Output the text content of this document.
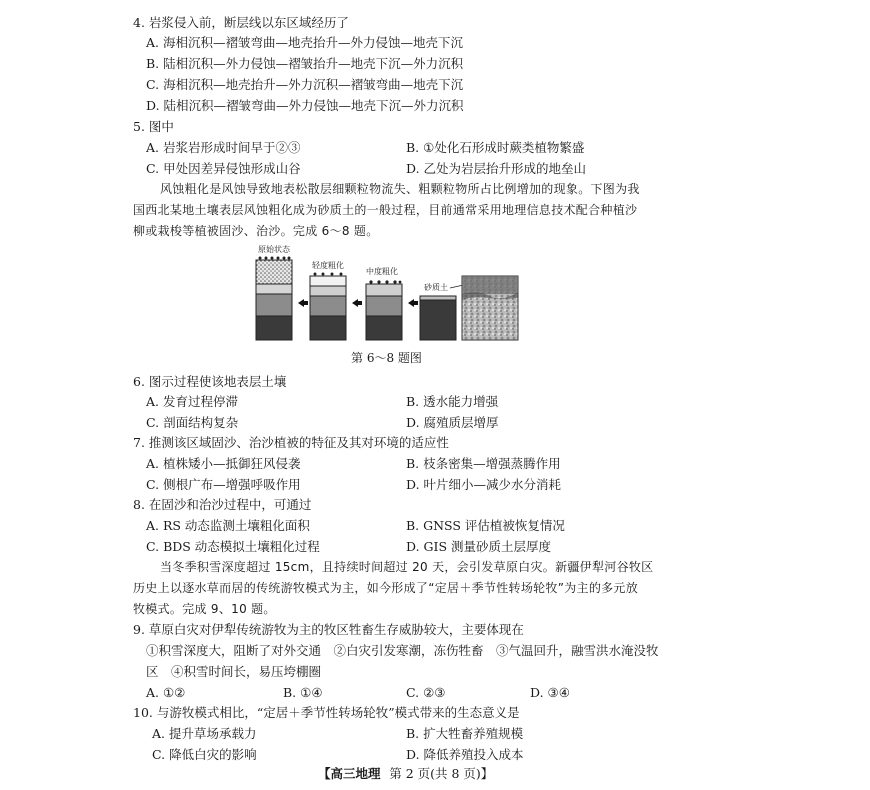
4. 岩浆侵入前，断层线以东区域经历了
A. 海相沉积—褶皱弯曲—地壳抬升—外力侵蚀—地壳下沉
B. 陆相沉积—外力侵蚀—褶皱抬升—地壳下沉—外力沉积
C. 海相沉积—地壳抬升—外力沉积—褶皱弯曲—地壳下沉
D. 陆相沉积—褶皱弯曲—外力侵蚀—地壳下沉—外力沉积
5. 图中
A. 岩浆岩形成时间早于②③	B. ①处化石形成时蕨类植物繁盛
C. 甲处因差异侵蚀形成山谷	D. 乙处为岩层抬升形成的地垒山
风蚀粗化是风蚀导致地表松散层细颗粒物流失、粗颗粒物所占比例增加的现象。下图为我
国西北某地土壤表层风蚀粗化成为砂质土的一般过程，目前通常采用地理信息技术配合种植沙
柳或栽梭等植被固沙、治沙。完成 6～8 题。
原始状态
轻度粗化
中度粗化
砂质土
第 6～8 题图
6. 图示过程使该地表层土壤
A. 发育过程停滞	B. 透水能力增强
C. 剖面结构复杂	D. 腐殖质层增厚
7. 推测该区域固沙、治沙植被的特征及其对环境的适应性
A. 植株矮小—抵御狂风侵袭	B. 枝条密集—增强蒸腾作用
C. 侧根广布—增强呼吸作用	D. 叶片细小—减少水分消耗
8. 在固沙和治沙过程中，可通过
A. RS 动态监测土壤粗化面积	B. GNSS 评估植被恢复情况
C. BDS 动态模拟土壤粗化过程	D. GIS 测量砂质土层厚度
当冬季积雪深度超过 15cm，且持续时间超过 20 天，会引发草原白灾。新疆伊犁河谷牧区
历史上以逐水草而居的传统游牧模式为主，如今形成了“定居＋季节性转场轮牧”为主的多元放
牧模式。完成 9、10 题。
9. 草原白灾对伊犁传统游牧为主的牧区牲畜生存威胁较大，主要体现在
①积雪深度大，阻断了对外交通　②白灾引发寒潮，冻伤牲畜　③气温回升，融雪洪水淹没牧
区　④积雪时间长，易压垮棚圈
A. ①②	B. ①④	C. ②③	D. ③④
10. 与游牧模式相比，“定居＋季节性转场轮牧”模式带来的生态意义是
A. 提升草场承载力	B. 扩大牲畜养殖规模
C. 降低白灾的影响	D. 降低养殖投入成本
【高三地理 第 2 页(共 8 页)】
